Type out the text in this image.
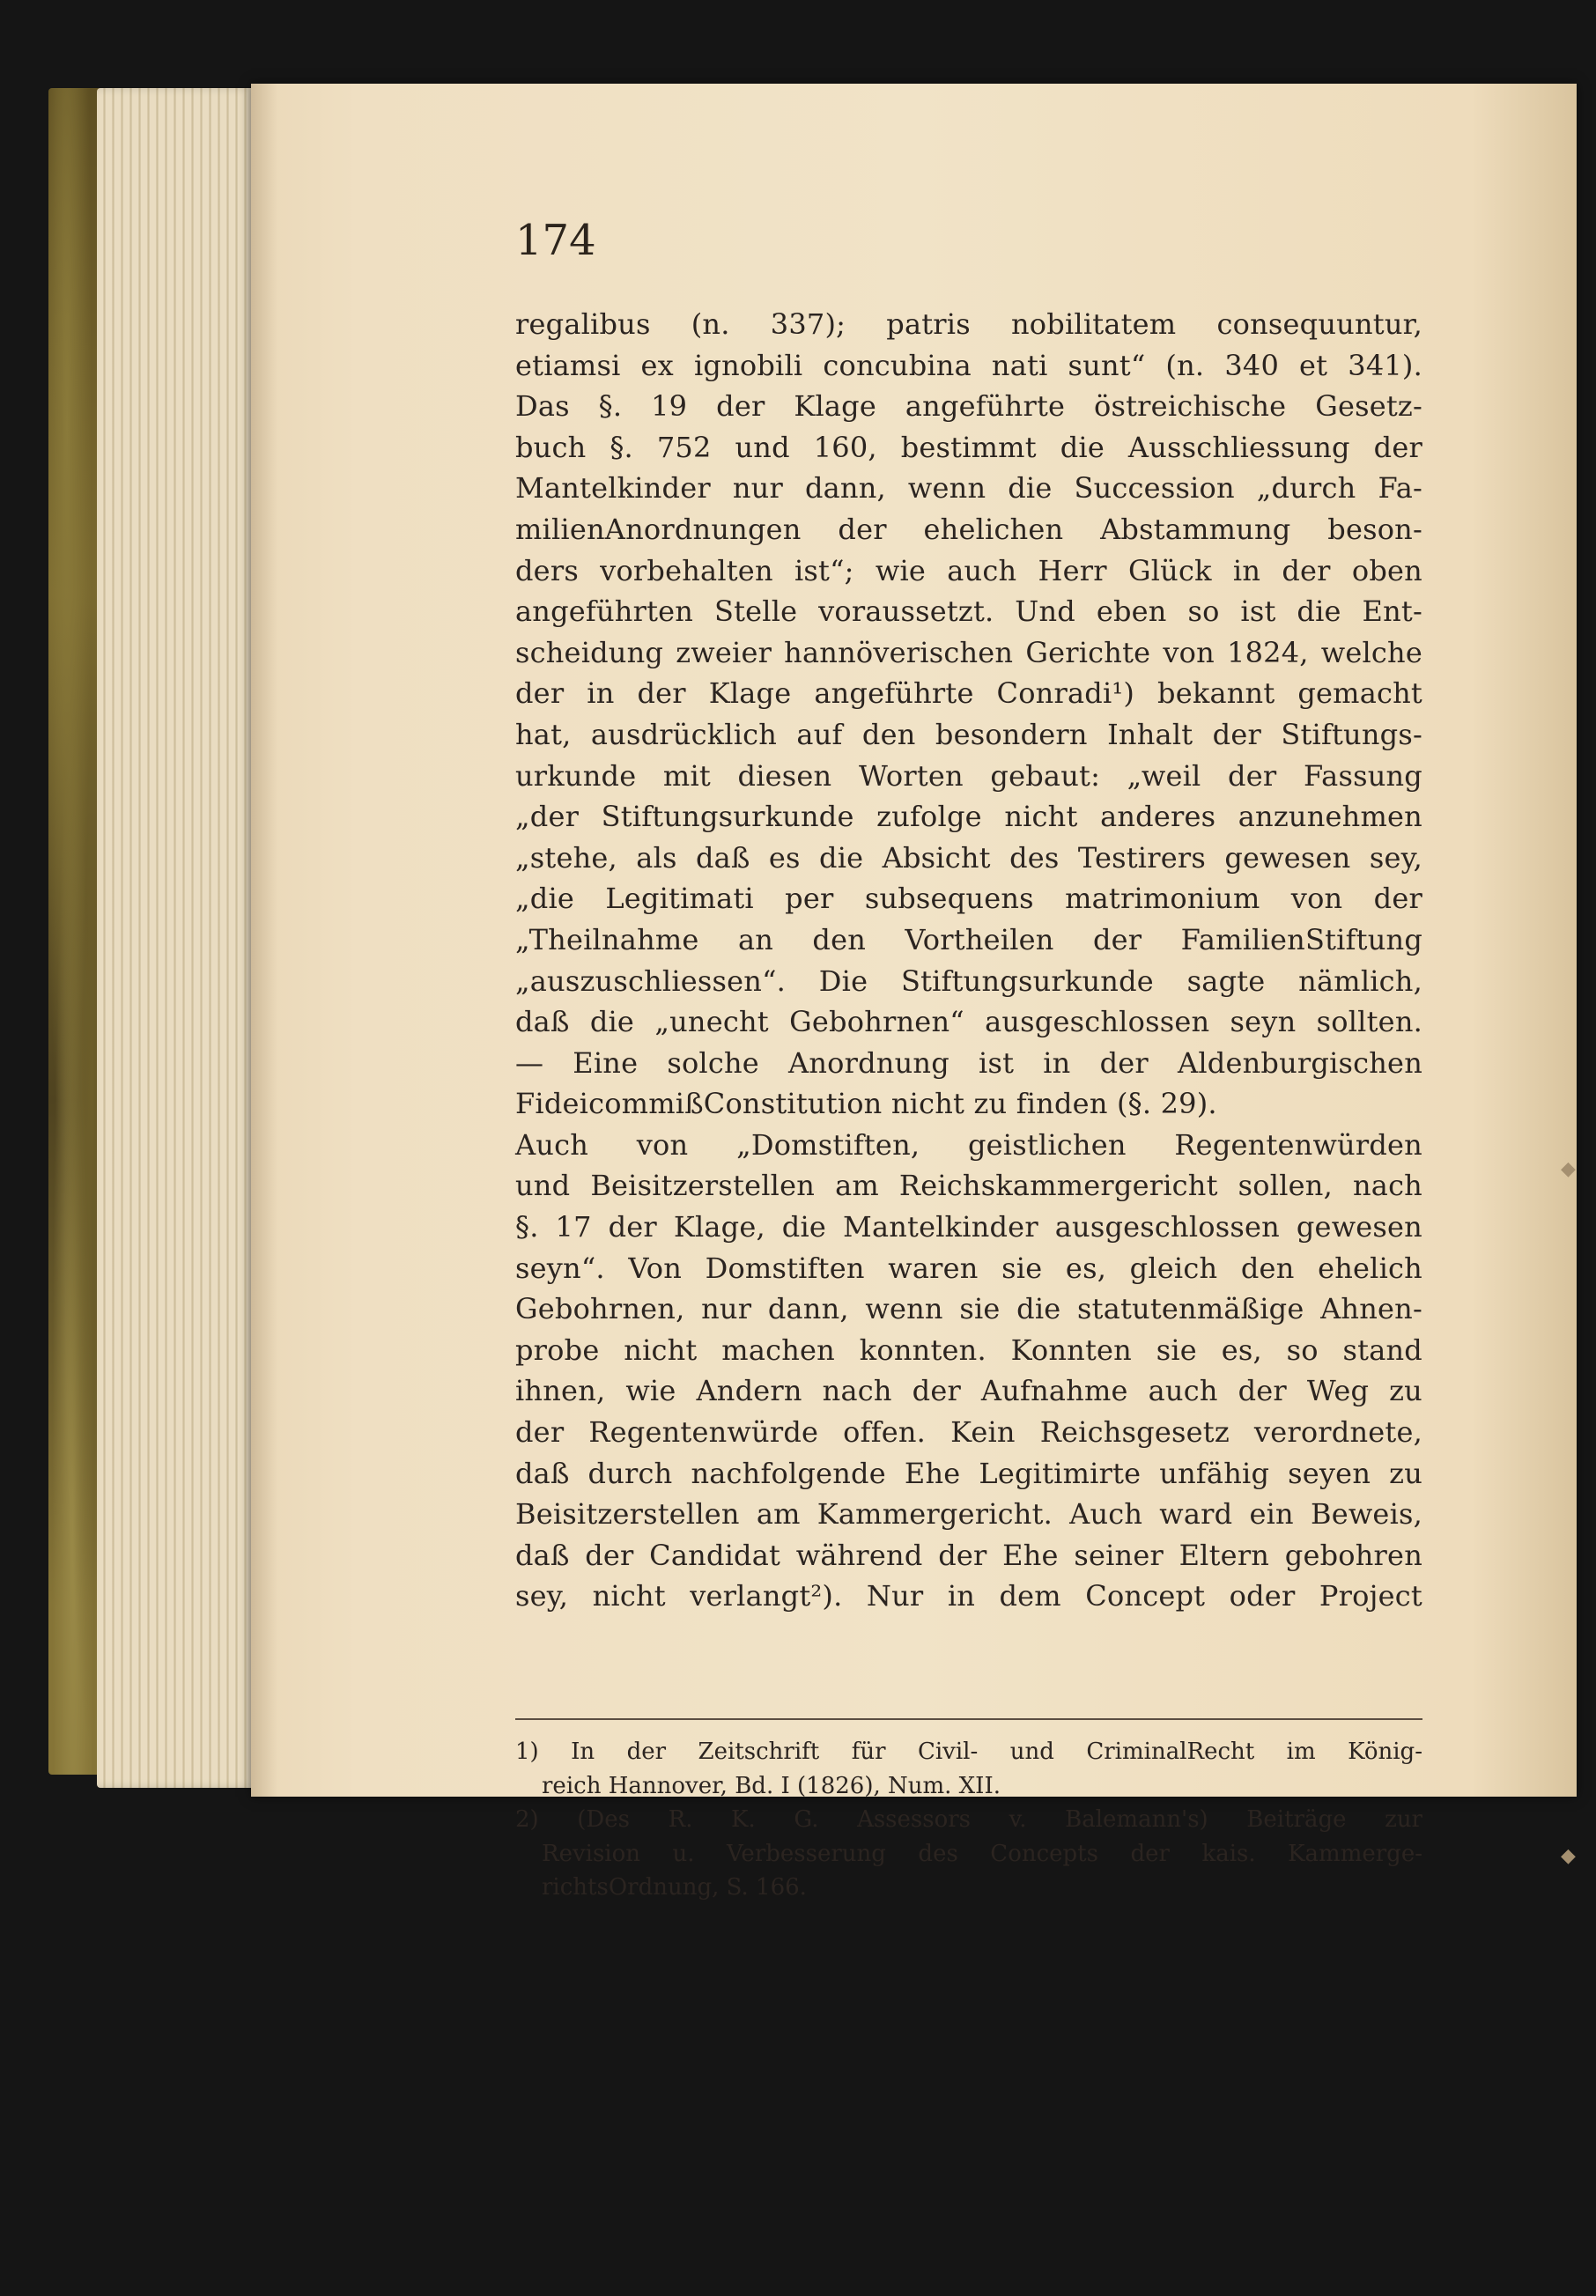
174
regalibus (n. 337); patris nobilitatem consequuntur,
etiamsi ex ignobili concubina nati sunt“ (n. 340 et 341).
Das §. 19 der Klage angeführte östreichische Gesetz-
buch §. 752 und 160, bestimmt die Ausschliessung der
Mantelkinder nur dann, wenn die Succession „durch Fa-
milienAnordnungen der ehelichen Abstammung beson-
ders vorbehalten ist“; wie auch Herr Glück in der oben
angeführten Stelle voraussetzt. Und eben so ist die Ent-
scheidung zweier hannöverischen Gerichte von 1824, welche
der in der Klage angeführte Conradi¹) bekannt gemacht
hat, ausdrücklich auf den besondern Inhalt der Stiftungs-
urkunde mit diesen Worten gebaut: „weil der Fassung
„der Stiftungsurkunde zufolge nicht anderes anzunehmen
„stehe, als daß es die Absicht des Testirers gewesen sey,
„die Legitimati per subsequens matrimonium von der
„Theilnahme an den Vortheilen der FamilienStiftung
„auszuschliessen“. Die Stiftungsurkunde sagte nämlich,
daß die „unecht Gebohrnen“ ausgeschlossen seyn sollten.
— Eine solche Anordnung ist in der Aldenburgischen
FideicommißConstitution nicht zu finden (§. 29).
Auch von „Domstiften, geistlichen Regentenwürden
und Beisitzerstellen am Reichskammergericht sollen, nach
§. 17 der Klage, die Mantelkinder ausgeschlossen gewesen
seyn“. Von Domstiften waren sie es, gleich den ehelich
Gebohrnen, nur dann, wenn sie die statutenmäßige Ahnen-
probe nicht machen konnten. Konnten sie es, so stand
ihnen, wie Andern nach der Aufnahme auch der Weg zu
der Regentenwürde offen. Kein Reichsgesetz verordnete,
daß durch nachfolgende Ehe Legitimirte unfähig seyen zu
Beisitzerstellen am Kammergericht. Auch ward ein Beweis,
daß der Candidat während der Ehe seiner Eltern gebohren
sey, nicht verlangt²). Nur in dem Concept oder Project
1) In der Zeitschrift für Civil- und CriminalRecht im König-
reich Hannover, Bd. I (1826), Num. XII.
2) (Des R. K. G. Assessors v. Balemann's) Beiträge zur
Revision u. Verbesserung des Concepts der kais. Kammerge-
richtsOrdnung, S. 166.
◆
◆
